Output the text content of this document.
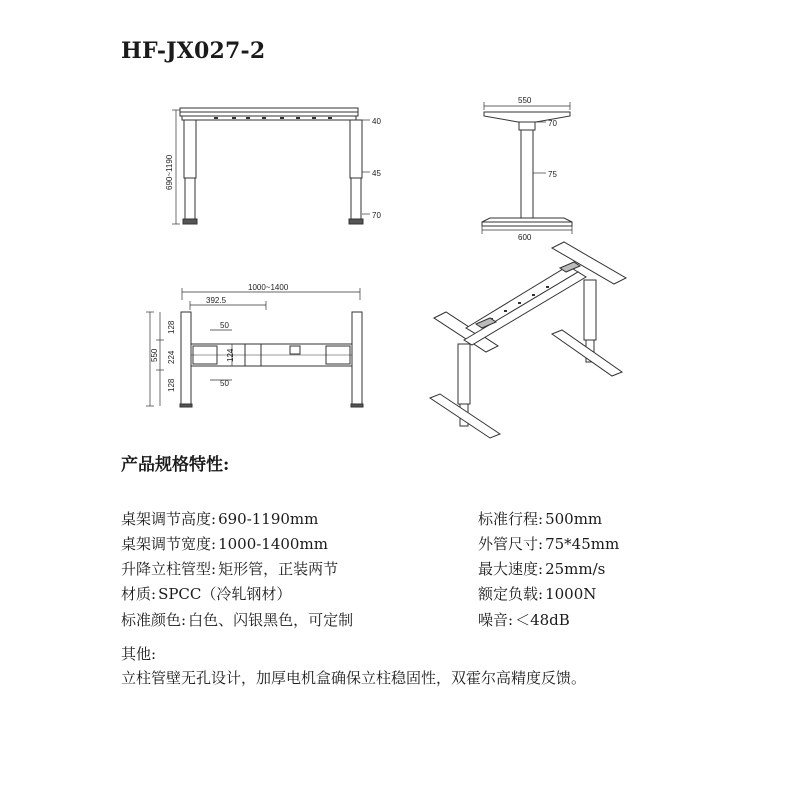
HF-JX027-2
690~1190
40
45
70
550
70
75
600
1000~1400
392.5
550
128
224
128
50
124
50
产品规格特性:
桌架调节高度: 690-1190mm
桌架调节宽度: 1000-1400mm
升降立柱管型: 矩形管，正装两节
材质: SPCC（冷轧钢材）
标准颜色: 白色、闪银黑色，可定制
标准行程: 500mm
外管尺寸: 75*45mm
最大速度: 25mm/s
额定负载: 1000N
噪音: ＜48dB
其他:
立柱管壁无孔设计，加厚电机盒确保立柱稳固性，双霍尔高精度反馈。
